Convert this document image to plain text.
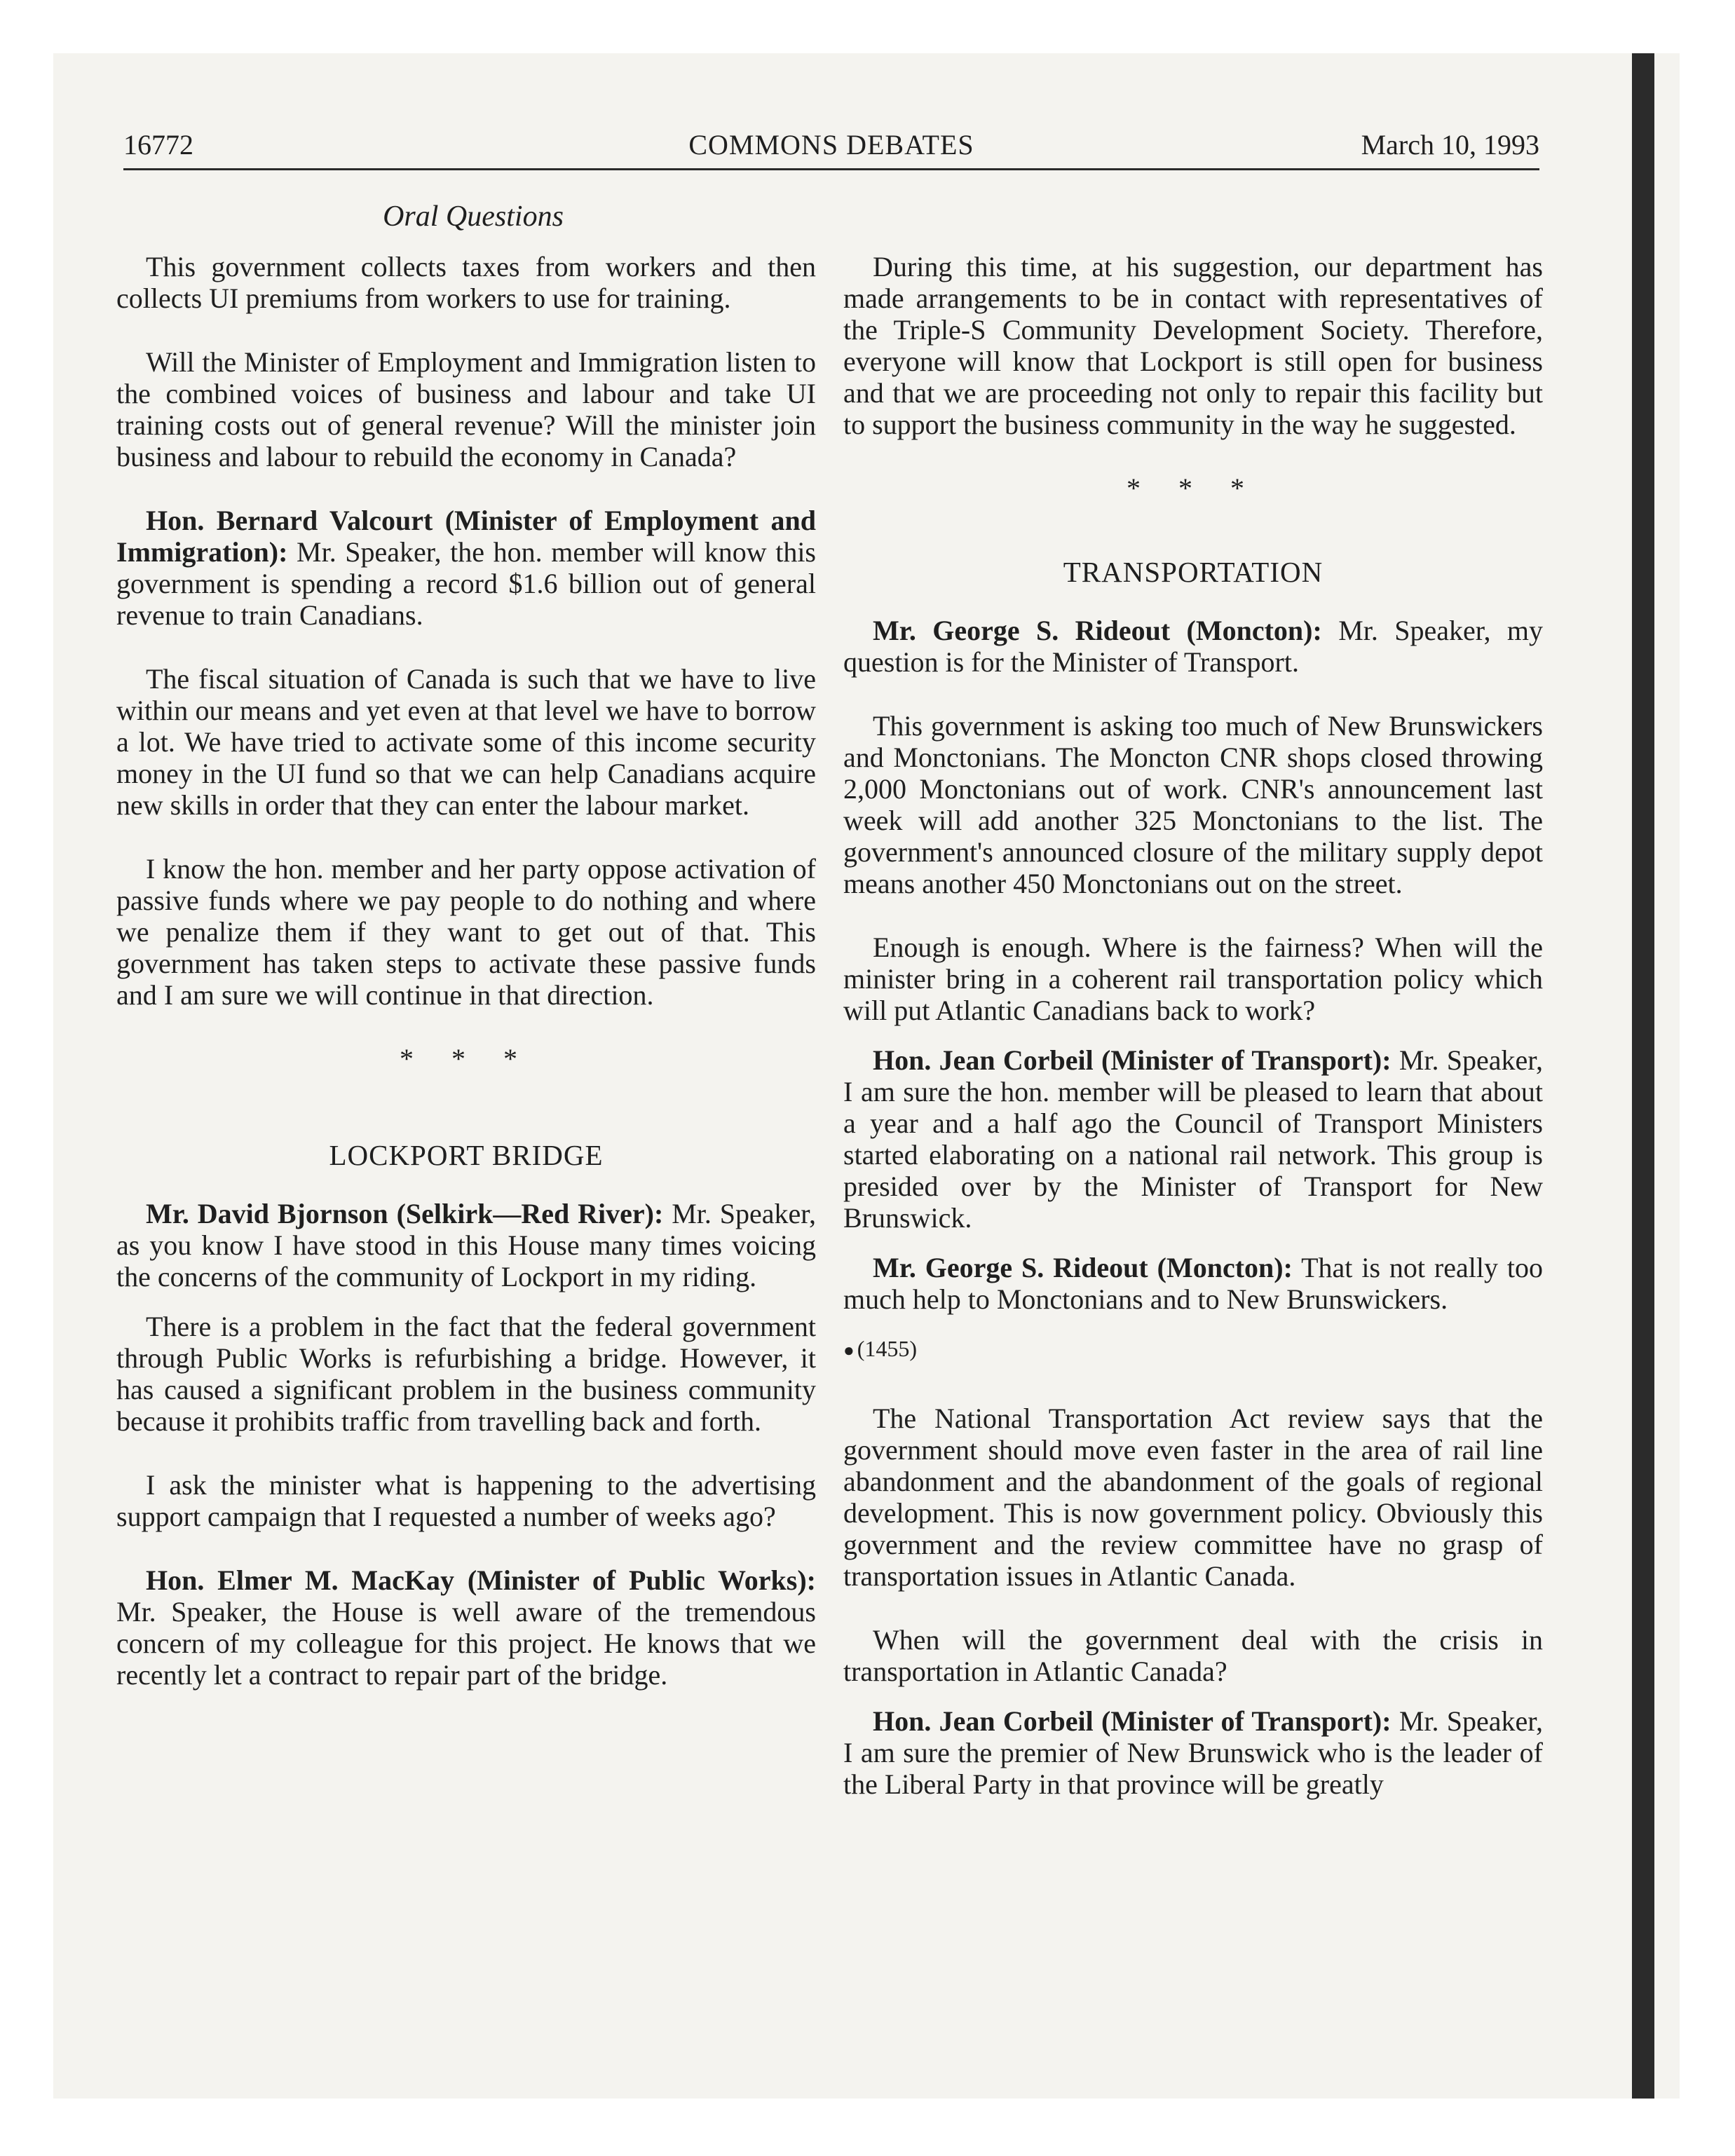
16772	COMMONS DEBATES	March 10, 1993
Oral Questions

This government collects taxes from workers and then collects UI premiums from workers to use for training.

Will the Minister of Employment and Immigration listen to the combined voices of business and labour and take UI training costs out of general revenue? Will the minister join business and labour to rebuild the economy in Canada?

Hon. Bernard Valcourt (Minister of Employment and Immigration): Mr. Speaker, the hon. member will know this government is spending a record $1.6 billion out of general revenue to train Canadians.

The fiscal situation of Canada is such that we have to live within our means and yet even at that level we have to borrow a lot. We have tried to activate some of this income security money in the UI fund so that we can help Canadians acquire new skills in order that they can enter the labour market.

I know the hon. member and her party oppose activation of passive funds where we pay people to do nothing and where we penalize them if they want to get out of that. This government has taken steps to activate these passive funds and I am sure we will continue in that direction.

* * *
LOCKPORT BRIDGE

Mr. David Bjornson (Selkirk—Red River): Mr. Speaker, as you know I have stood in this House many times voicing the concerns of the community of Lockport in my riding.

There is a problem in the fact that the federal government through Public Works is refurbishing a bridge. However, it has caused a significant problem in the business community because it prohibits traffic from travelling back and forth.

I ask the minister what is happening to the advertising support campaign that I requested a number of weeks ago?

Hon. Elmer M. MacKay (Minister of Public Works): Mr. Speaker, the House is well aware of the tremendous concern of my colleague for this project. He knows that we recently let a contract to repair part of the bridge.

During this time, at his suggestion, our department has made arrangements to be in contact with representatives of the Triple-S Community Development Society. Therefore, everyone will know that Lockport is still open for business and that we are proceeding not only to repair this facility but to support the business community in the way he suggested.

* * *
TRANSPORTATION

Mr. George S. Rideout (Moncton): Mr. Speaker, my question is for the Minister of Transport.

This government is asking too much of New Brunswickers and Monctonians. The Moncton CNR shops closed throwing 2,000 Monctonians out of work. CNR's announcement last week will add another 325 Monctonians to the list. The government's announced closure of the military supply depot means another 450 Monctonians out on the street.

Enough is enough. Where is the fairness? When will the minister bring in a coherent rail transportation policy which will put Atlantic Canadians back to work?

Hon. Jean Corbeil (Minister of Transport): Mr. Speaker, I am sure the hon. member will be pleased to learn that about a year and a half ago the Council of Transport Ministers started elaborating on a national rail network. This group is presided over by the Minister of Transport for New Brunswick.

Mr. George S. Rideout (Moncton): That is not really too much help to Monctonians and to New Brunswickers.

● (1455)

The National Transportation Act review says that the government should move even faster in the area of rail line abandonment and the abandonment of the goals of regional development. This is now government policy. Obviously this government and the review committee have no grasp of transportation issues in Atlantic Canada.

When will the government deal with the crisis in transportation in Atlantic Canada?

Hon. Jean Corbeil (Minister of Transport): Mr. Speaker, I am sure the premier of New Brunswick who is the leader of the Liberal Party in that province will be greatly
